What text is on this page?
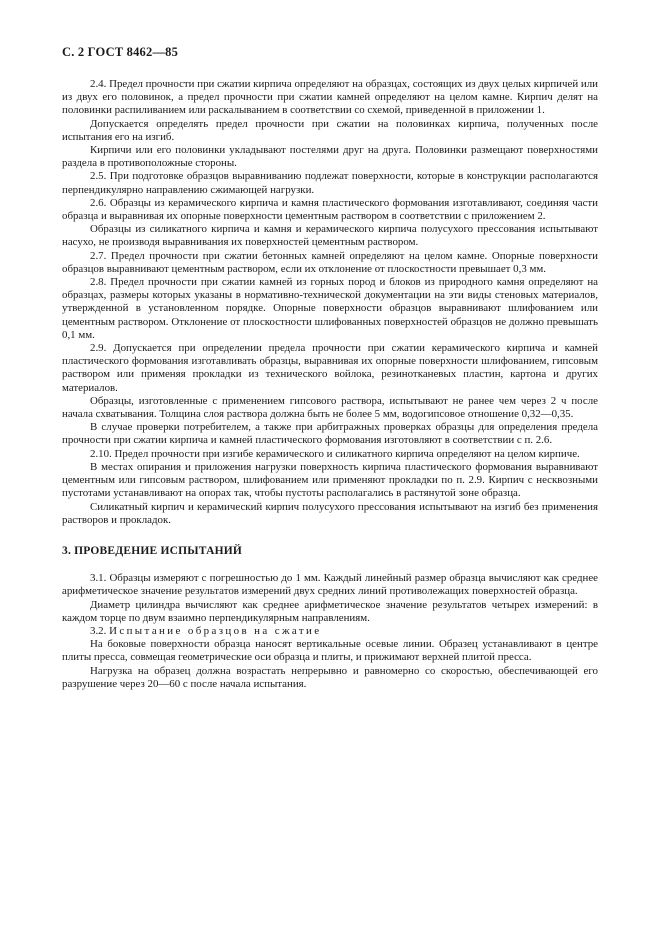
С. 2 ГОСТ 8462—85

2.4. Предел прочности при сжатии кирпича определяют на образцах, состоящих из двух целых кирпичей или из двух его половинок, а предел прочности при сжатии камней определяют на целом камне. Кирпич делят на половинки распиливанием или раскалыванием в соответствии со схемой, приведенной в приложении 1.

Допускается определять предел прочности при сжатии на половинках кирпича, полученных после испытания его на изгиб.

Кирпичи или его половинки укладывают постелями друг на друга. Половинки размещают поверхностями раздела в противоположные стороны.

2.5. При подготовке образцов выравниванию подлежат поверхности, которые в конструкции располагаются перпендикулярно направлению сжимающей нагрузки.

2.6. Образцы из керамического кирпича и камня пластического формования изготавливают, соединяя части образца и выравнивая их опорные поверхности цементным раствором в соответствии с приложением 2.

Образцы из силикатного кирпича и камня и керамического кирпича полусухого прессования испытывают насухо, не производя выравнивания их поверхностей цементным раствором.

2.7. Предел прочности при сжатии бетонных камней определяют на целом камне. Опорные поверхности образцов выравнивают цементным раствором, если их отклонение от плоскостности превышает 0,3 мм.

2.8. Предел прочности при сжатии камней из горных пород и блоков из природного камня определяют на образцах, размеры которых указаны в нормативно-технической документации на эти виды стеновых материалов, утвержденной в установленном порядке. Опорные поверхности образцов выравнивают шлифованием или цементным раствором. Отклонение от плоскостности шлифованных поверхностей образцов не должно превышать 0,1 мм.

2.9. Допускается при определении предела прочности при сжатии керамического кирпича и камней пластического формования изготавливать образцы, выравнивая их опорные поверхности шлифованием, гипсовым раствором или применяя прокладки из технического войлока, резинотканевых пластин, картона и других материалов.

Образцы, изготовленные с применением гипсового раствора, испытывают не ранее чем через 2 ч после начала схватывания. Толщина слоя раствора должна быть не более 5 мм, водогипсовое отношение 0,32—0,35.

В случае проверки потребителем, а также при арбитражных проверках образцы для определения предела прочности при сжатии кирпича и камней пластического формования изготовляют в соответствии с п. 2.6.

2.10. Предел прочности при изгибе керамического и силикатного кирпича определяют на целом кирпиче.

В местах опирания и приложения нагрузки поверхность кирпича пластического формования выравнивают цементным или гипсовым раствором, шлифованием или применяют прокладки по п. 2.9. Кирпич с несквозными пустотами устанавливают на опорах так, чтобы пустоты располагались в растянутой зоне образца.

Силикатный кирпич и керамический кирпич полусухого прессования испытывают на изгиб без применения растворов и прокладок.

3. ПРОВЕДЕНИЕ ИСПЫТАНИЙ

3.1. Образцы измеряют с погрешностью до 1 мм. Каждый линейный размер образца вычисляют как среднее арифметическое значение результатов измерений двух средних линий противолежащих поверхностей образца.

Диаметр цилиндра вычисляют как среднее арифметическое значение результатов четырех измерений: в каждом торце по двум взаимно перпендикулярным направлениям.

3.2. Испытание образцов на сжатие

На боковые поверхности образца наносят вертикальные осевые линии. Образец устанавливают в центре плиты пресса, совмещая геометрические оси образца и плиты, и прижимают верхней плитой пресса.

Нагрузка на образец должна возрастать непрерывно и равномерно со скоростью, обеспечивающей его разрушение через 20—60 с после начала испытания.
